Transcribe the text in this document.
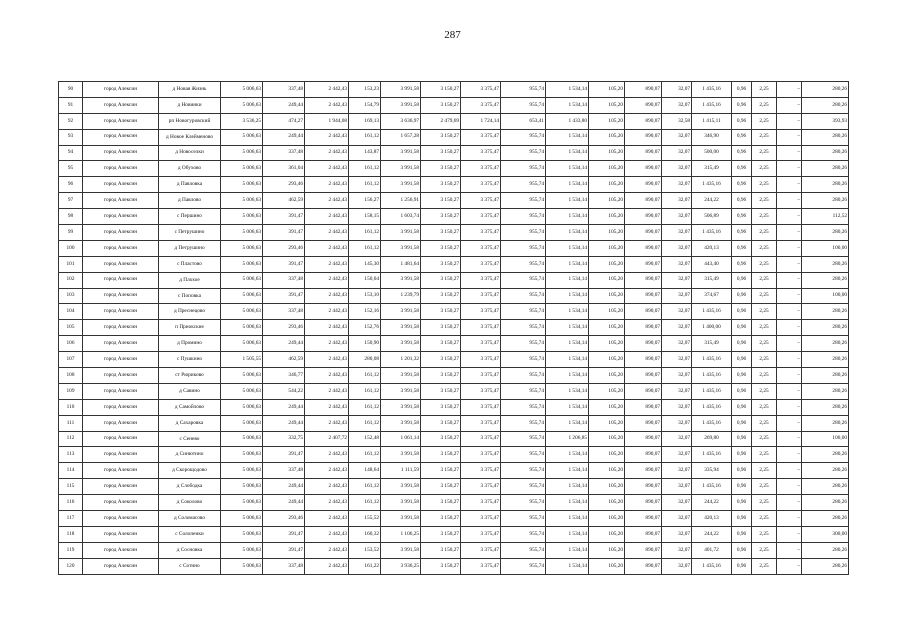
287
90	город Алексин	д Новая Жизнь	5 006,63	337,48	2 442,43	153,23	3 991,58	3 150,27	3 375,47	955,74	1 534,14	105,20	890,07	32,07	1 435,16	0,96	2,25	–	280,26
91	город Алексин	д Новинки	5 006,63	249,44	2 442,43	154,79	3 991,58	3 150,27	3 375,47	955,74	1 534,14	105,20	890,07	32,07	1 435,16	0,96	2,25	–	280,26
92	город Алексин	рп Новогуровский	3 536,25	474,27	1 944,08	169,13	3 636,97	2 479,69	1 724,14	653,41	1 433,80	105,20	890,07	32,58	1 415,11	0,96	2,25	–	393,93
93	город Алексин	д Новое Клейменово	5 006,63	249,44	2 442,43	161,12	1 657,28	3 150,27	3 375,47	955,74	1 534,14	105,20	890,07	32,07	346,90	0,96	2,25	–	280,26
94	город Алексин	д Новоселки	5 006,63	337,48	2 442,43	143,87	3 991,58	3 150,27	3 375,47	955,74	1 534,14	105,20	890,07	32,07	500,00	0,96	2,25	–	280,26
95	город Алексин	д Обухово	5 006,63	361,04	2 442,43	161,12	3 991,58	3 150,27	3 375,47	955,74	1 534,14	105,20	890,07	32,07	315,49	0,96	2,25	–	280,26
96	город Алексин	д Павловка	5 006,63	293,46	2 442,43	161,12	3 991,58	3 150,27	3 375,47	955,74	1 534,14	105,20	890,07	32,07	1 435,16	0,96	2,25	–	280,26
97	город Алексин	д Павлово	5 006,63	462,59	2 442,43	156,27	1 256,91	3 150,27	3 375,47	955,74	1 534,14	105,20	890,07	32,07	244,22	0,96	2,25	–	280,26
98	город Алексин	с Першино	5 006,63	391,47	2 442,43	158,15	1 603,74	3 150,27	3 375,47	955,74	1 534,14	105,20	890,07	32,07	506,89	0,96	2,25	–	112,52
99	город Алексин	с Петрушино	5 006,63	391,47	2 442,43	161,12	3 991,58	3 150,27	3 375,47	955,74	1 534,14	105,20	890,07	32,07	1 435,16	0,96	2,25	–	280,26
100	город Алексин	д Петрушино	5 006,63	293,46	2 442,43	161,12	3 991,58	3 150,27	3 375,47	955,74	1 534,14	105,20	890,07	32,07	420,13	0,96	2,25	–	100,00
101	город Алексин	с Пластово	5 006,63	391,47	2 442,43	145,30	1 481,64	3 150,27	3 375,47	955,74	1 534,14	105,20	890,07	32,07	443,40	0,96	2,25	–	280,26
102	город Алексин	д Плохое	5 006,63	337,48	2 442,43	150,04	3 991,58	3 150,27	3 375,47	955,74	1 534,14	105,20	890,07	32,07	315,49	0,96	2,25	–	280,26
103	город Алексин	с Поповка	5 006,63	391,47	2 442,43	153,10	1 239,79	3 150,27	3 375,47	955,74	1 534,14	105,20	890,07	32,07	374,67	0,96	2,25	–	100,00
104	город Алексин	д Преснецово	5 006,63	337,48	2 442,43	152,16	3 991,58	3 150,27	3 375,47	955,74	1 534,14	105,20	890,07	32,07	1 435,16	0,96	2,25	–	280,26
105	город Алексин	п Приокские	5 006,63	293,46	2 442,43	152,76	3 991,58	3 150,27	3 375,47	955,74	1 534,14	105,20	890,07	32,07	1 400,00	0,96	2,25	–	280,26
106	город Алексин	д Промино	5 006,63	249,44	2 442,43	150,90	3 991,58	3 150,27	3 375,47	955,74	1 534,14	105,20	890,07	32,07	315,49	0,96	2,25	–	280,26
107	город Алексин	с Пушкино	1 505,55	462,59	2 442,43	280,08	1 201,32	3 150,27	3 375,47	955,74	1 534,14	105,20	890,07	32,07	1 435,16	0,96	2,25	–	280,26
108	город Алексин	ст Рюриково	5 006,63	346,77	2 442,43	161,12	3 991,58	3 150,27	3 375,47	955,74	1 534,14	105,20	890,07	32,07	1 435,16	0,96	2,25	–	280,26
109	город Алексин	д Савино	5 006,63	544,22	2 442,43	161,12	3 991,58	3 150,27	3 375,47	955,74	1 534,14	105,20	890,07	32,07	1 435,16	0,96	2,25	–	280,26
110	город Алексин	д Самойлово	5 006,63	249,44	2 442,43	161,12	3 991,58	3 150,27	3 375,47	955,74	1 534,14	105,20	890,07	32,07	1 435,16	0,96	2,25	–	280,26
111	город Алексин	д Сахаровка	5 006,63	249,44	2 442,43	161,12	3 991,58	3 150,27	3 375,47	955,74	1 534,14	105,20	890,07	32,07	1 435,16	0,96	2,25	–	280,26
112	город Алексин	с Сенево	5 006,63	332,75	2 407,72	152,48	1 061,14	3 150,27	3 375,47	955,74	1 206,85	105,20	890,07	32,07	269,80	0,96	2,25	–	100,00
113	город Алексин	д Синютино	5 006,63	391,47	2 442,43	161,12	3 991,58	3 150,27	3 375,47	955,74	1 534,14	105,20	890,07	32,07	1 435,16	0,96	2,25	–	280,26
114	город Алексин	д Скорощодово	5 006,63	337,48	2 442,43	148,64	1 111,59	3 150,27	3 375,47	955,74	1 534,14	105,20	890,07	32,07	335,94	0,96	2,25	–	280,26
115	город Алексин	д Слободка	5 006,63	249,44	2 442,43	161,12	3 991,58	3 150,27	3 375,47	955,74	1 534,14	105,20	890,07	32,07	1 435,16	0,96	2,25	–	280,26
116	город Алексин	д Соколово	5 006,63	249,44	2 442,43	161,12	3 991,58	3 150,27	3 375,47	955,74	1 534,14	105,20	890,07	32,07	244,22	0,96	2,25	–	280,26
117	город Алексин	д Соломасово	5 006,63	293,46	2 442,43	155,52	3 991,58	3 150,27	3 375,47	955,74	1 534,14	105,20	890,07	32,07	420,13	0,96	2,25	–	280,26
118	город Алексин	с Солопенки	5 006,63	391,47	2 442,43	160,32	1 106,25	3 150,27	3 375,47	955,74	1 534,14	105,20	890,07	32,07	244,22	0,96	2,25	–	300,00
119	город Алексин	д Сосновка	5 006,63	391,47	2 442,43	153,52	3 991,58	3 150,27	3 375,47	955,74	1 534,14	105,20	890,07	32,07	401,72	0,96	2,25	–	280,26
120	город Алексин	с Сотино	5 006,63	337,48	2 442,43	161,22	3 936,25	3 150,27	3 375,47	955,74	1 534,14	105,20	890,07	32,07	1 435,16	0,96	2,25	–	280,26
